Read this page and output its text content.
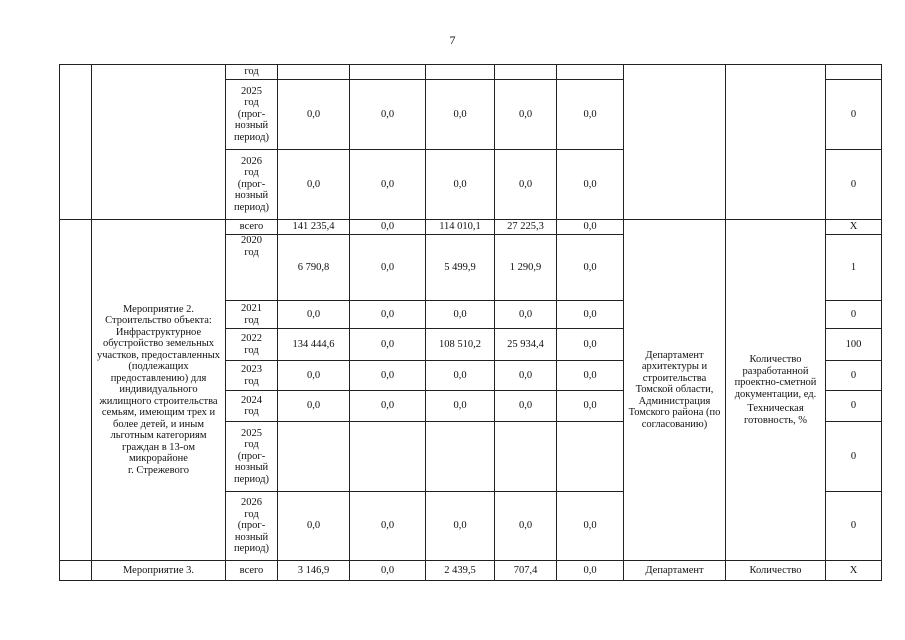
7
		год								
		2025
год
(прог-
нозный
период)	0,0	0,0	0,0	0,0	0,0			0
		2026
год
(прог-
нозный
период)	0,0	0,0	0,0	0,0	0,0			0
	Мероприятие 2.
Строительство объекта: Инфраструктурное обустройство земельных участков, предоставленных (подлежащих предоставлению) для индивидуального жилищного строительства семьям, имеющим трех и более детей, и иным льготным категориям граждан в 13-ом микрорайоне
г. Стрежевого	всего	141 235,4	0,0	114 010,1	27 225,3	0,0	Департамент архитектуры и строительства Томской области, Администрация Томского района (по согласованию)	Количество разработанной проектно-сметной документации, ед.
Техническая готовность, %	Х
		2020
год	6 790,8	0,0	5 499,9	1 290,9	0,0			1
		2021
год	0,0	0,0	0,0	0,0	0,0			0
		2022
год	134 444,6	0,0	108 510,2	25 934,4	0,0			100
		2023
год	0,0	0,0	0,0	0,0	0,0			0
		2024
год	0,0	0,0	0,0	0,0	0,0			0
		2025
год
(прог-
нозный
период)								0
		2026
год
(прог-
нозный
период)	0,0	0,0	0,0	0,0	0,0			0
	Мероприятие 3.	всего	3 146,9	0,0	2 439,5	707,4	0,0	Департамент	Количество	Х
